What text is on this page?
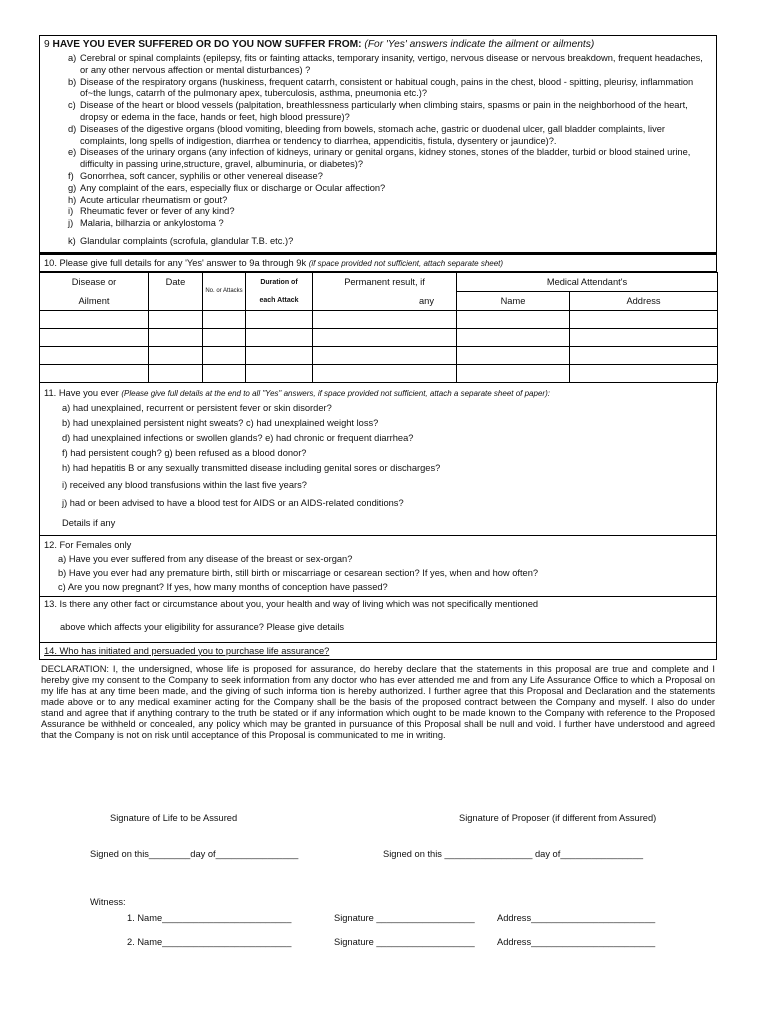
9 HAVE YOU EVER SUFFERED OR DO YOU NOW SUFFER FROM: (For 'Yes' answers indicate the ailment or ailments)
a) Cerebral or spinal complaints (epilepsy, fits or fainting attacks, temporary insanity, vertigo, nervous disease or nervous breakdown, frequent headaches, or any other nervous affection or mental disturbances) ?
b) Disease of the respiratory organs (huskiness, frequent catarrh, consistent or habitual cough, pains in the chest, blood - spitting, pleurisy, inflammation of~the lungs, catarrh of the pulmonary apex, tuberculosis, asthma, pneumonia etc.)?
c) Disease of the heart or blood vessels (palpitation, breathlessness particularly when climbing stairs, spasms or pain in the neighborhood of the heart, dropsy or edema in the face, hands or feet, high blood pressure)?
d) Diseases of the digestive organs (blood vomiting, bleeding from bowels, stomach ache, gastric or duodenal ulcer, gall bladder complaints, liver complaints, long spells of indigestion, diarrhea or tendency to diarrhea, appendicitis, fistula, dysentery or jaundice)?.
e) Diseases of the urinary organs (any infection of kidneys, urinary or genital organs, kidney stones, stones of the bladder, turbid or blood stained urine, difficulty in passing urine,structure, gravel, albuminuria, or diabetes)?
f) Gonorrhea, soft cancer, syphilis or other venereal disease?
g) Any complaint of the ears, especially flux or discharge or Ocular affection?
h) Acute articular rheumatism or gout?
i) Rheumatic fever or fever of any kind?
j) Malaria, bilharzia or ankylostoma ?
k) Glandular complaints (scrofula, glandular T.B. etc.)?
10. Please give full details for any 'Yes' answer to 9a through 9k (if space provided not sufficient, attach separate sheet)
Disease or	Date	No. or Attacks	Duration of	Permanent result, if	Medical Attendant's	
Ailment			each Attack	any	Name	Address

11. Have you ever (Please give full details at the end to all "Yes" answers, if space provided not sufficient, attach a separate sheet of paper):
a) had unexplained, recurrent or persistent fever or skin disorder?
b) had unexplained persistent night sweats? c) had unexplained weight loss?
d) had unexplained infections or swollen glands? e) had chronic or frequent diarrhea?
f) had persistent cough? g) been refused as a blood donor?
h) had hepatitis B or any sexually transmitted disease including genital sores or discharges?
i) received any blood transfusions within the last five years?
j) had or been advised to have a blood test for AIDS or an AIDS-related conditions?
Details if any
12. For Females only
a) Have you ever suffered from any disease of the breast or sex-organ?
b) Have you ever had any premature birth, still birth or miscarriage or cesarean section? If yes, when and how often?
c) Are you now pregnant? If yes, how many months of conception have passed?
13. Is there any other fact or circumstance about you, your health and way of living which was not specifically mentioned
above which affects your eligibility for assurance? Please give details
14. Who has initiated and persuaded you to purchase life assurance?
DECLARATION: I, the undersigned, whose life is proposed for assurance, do hereby declare that the statements in this proposal are true and complete and I hereby give my consent to the Company to seek information from any doctor who has ever attended me and from any Life Assurance Office to which a Proposal on my life has at any time been made, and the giving of such informa tion is hereby authorized. I further agree that this Proposal and Declaration and the statements made above or to any medical examiner acting for the Company shall be the basis of the proposed contract between the Company and myself. I also do under stand and agree that if anything contrary to the truth be stated or if any information which ought to be made known to the Company with reference to the Proposed Assurance be withheld or concealed, any policy which may be granted in pursuance of this Proposal shall be null and void. I further have understood and agreed that the Company is not on risk until acceptance of this Proposal is communicated to me in writing.
Signature of Life to be Assured	Signature of Proposer (if different from Assured)
Signed on this________day of________________	Signed on this _________________ day of________________
Witness:
1. Name_________________________	Signature ___________________ Address________________________
2. Name_________________________	Signature ___________________ Address________________________
